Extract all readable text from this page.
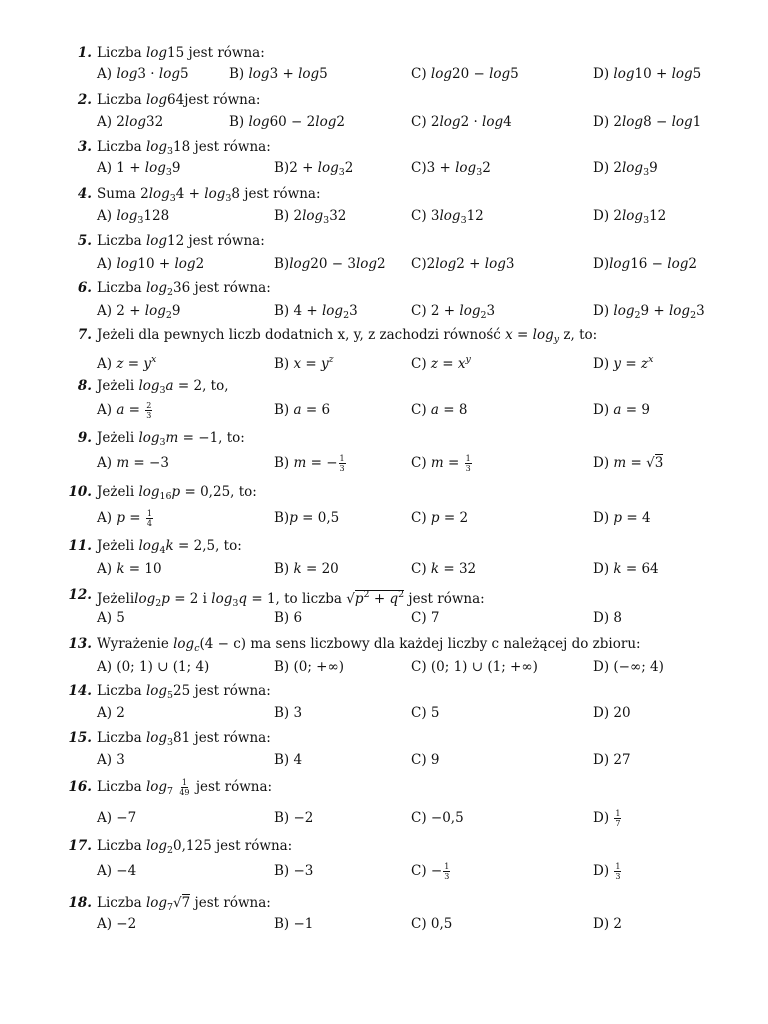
1. Liczba log15 jest równa:
A) log3 · log5	B) log3 + log5	C) log20 − log5	D) log10 + log5
2. Liczba log64jest równa:
A) 2log32	B) log60 − 2log2	C) 2log2 · log4	D) 2log8 − log1
3. Liczba $\log_318$ jest równa:
A) $1 + \log_39$	$B)2 + \log_32$	$C)3 + \log_32$	D) $2\log_39$
4. Suma $2\log_34 + \log_38$ jest równa:
A) $\log_3128$	B) $2\log_332$	C) $3\log_312$	D) $2\log_312$
5. Liczba log12 jest równa:
A) log10 + log2	B)log20 − 3log2 C)2log2 + log3	D)log16 − log2
6. Liczba $\log_236$ jest równa:
A) $2 + \log_29$	B) $4 + \log_23$	C) $2 + \log_23$	D) $\log_29 + \log_23$
7. Jeżeli dla pewnych liczb dodatnich x, y, z zachodzi równość $x = \log_y z$, to:
A) $z = y^x$	B) $x = y^z$	C) $z = x^y$	D) $y = z^x$
8. Jeżeli $\log_3a = 2$, to,
A) $a = \frac{2}{3}$	B) a = 6	C) a = 8	D) a = 9
9. Jeżeli $\log_3m = -1$, to:
A) m = −3	B) m = − $\frac{1}{3}$	C) $m = \frac{1}{3}$	D) m = √3
10. Jeżeli $\log_{16}p = 0,25$, to:
A) $p = \frac{1}{4}$	B)p = 0,5	C) p = 2	D) p = 4
11. Jeżeli $\log_4k = 2,5$, to:
A) k = 10	B) k = 20	C) k = 32	D) k = 64
12. Jeżelilog$_2$p = 2 i $\log_3q = 1$, to liczba $√p^2 + q^2$ jest równa:
A) 5	B) 6	C) 7	D) 8
13. Wyrażenie $\log_c(4 - c)$ ma sens liczbowy dla każdej liczby c należącej do zbioru:
A) (0; 1) ∪ (1; 4)	B) (0; +∞)	C) (0; 1) ∪ (1; +∞)	D) (−∞; 4)
14. Liczba $\log_525$ jest równa:
A) 2	B) 3	C) 5	D) 20
15. Liczba $\log_381$ jest równa:
A) 3	B) 4	C) 9	D) 27
16. Liczba $\log_7 \frac{1}{49}$ jest równa:
A) −7	B) −2	C) −0,5	$D) \frac{1}{7}$
17. Liczba $\log_20,125$ jest równa:
A) −4	B) −3	$C) - \frac{1}{3}$	$D) \frac{1}{3}$
18. Liczba $\log_7√7$ jest równa:
A) −2	B) −1	C) 0,5	D) 2
